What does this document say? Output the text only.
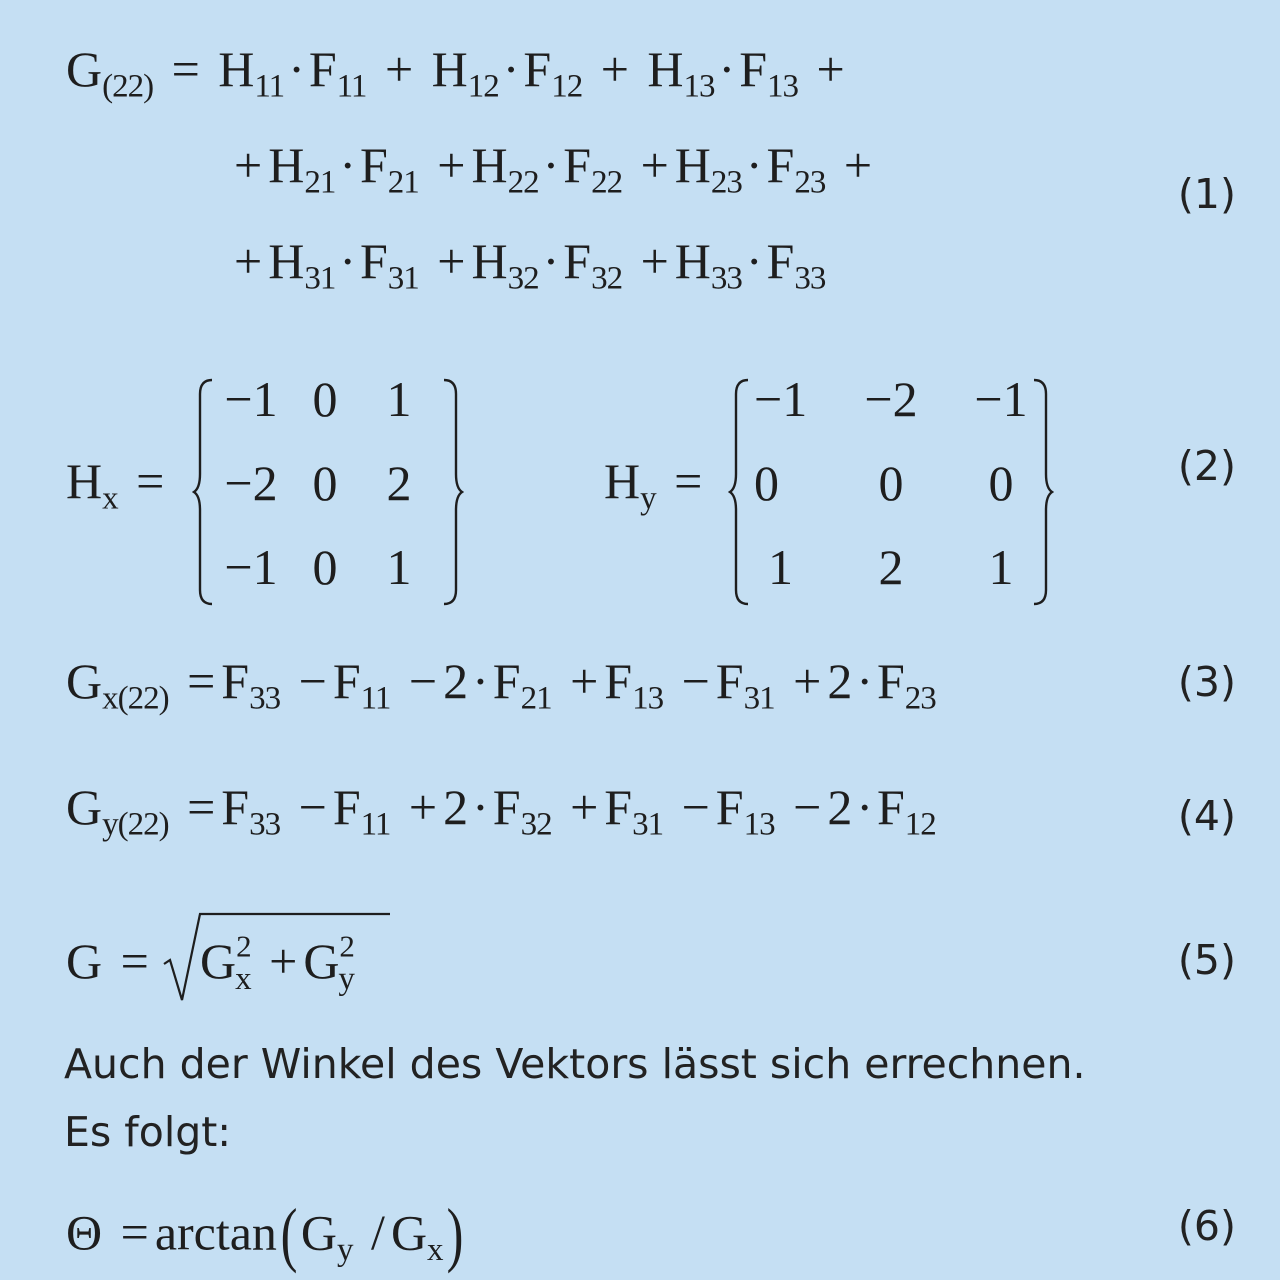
$G_{(22)} = H_{11}\cdot F_{11} + H_{12}\cdot F_{12} + H_{13}\cdot F_{13}$ +
+ $H_{21}\cdot F_{21} + H_{22}\cdot F_{22} + H_{23}\cdot F_{23}$ +
+ $H_{31}\cdot F_{31} + H_{32}\cdot F_{32} + H_{33}\cdot F_{33}$
(1)
$H_x$ =
−1 0 1
−2 0 2
−1 0 1
$H_y$ =
−1	−2	−1
0	0	0
1	2	1
(2)
$G_{x(22)} = F_{33} - F_{11} - 2\cdot F_{21} + F_{13} - F_{31} + 2\cdot F_{23}$	(3)
$G_{y(22)} = F_{33} - F_{11} + 2\cdot F_{32} + F_{31} - F_{13} - 2\cdot F_{12}$	(4)
$G = G^2_x + G^2_y$	(5)
Auch der Winkel des Vektors lässt sich errechnen.
Es folgt:
$\Theta = \arctan(G_y / G_x)$	(6)
